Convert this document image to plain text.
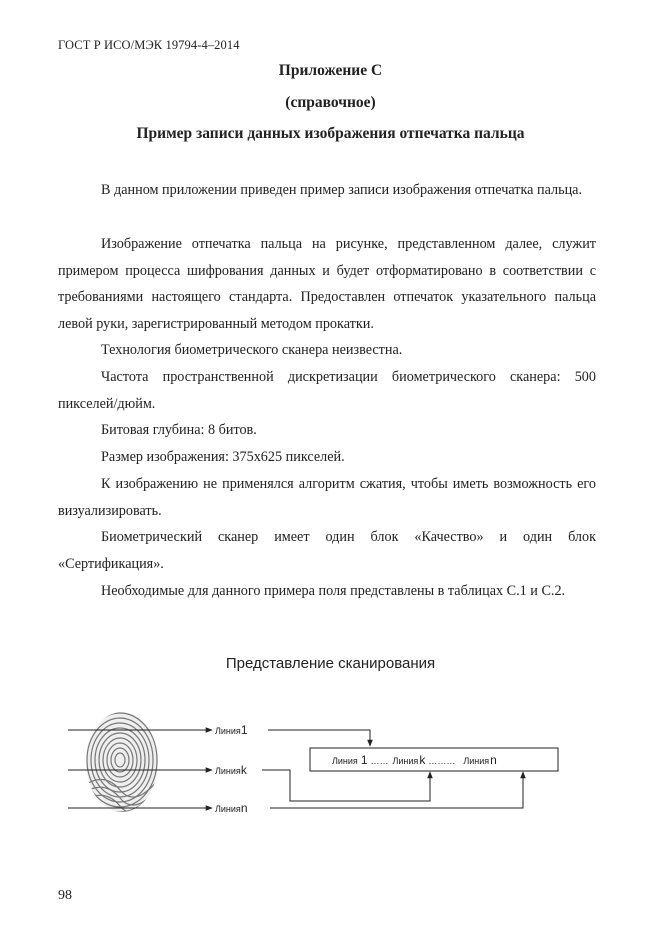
ГОСТ Р ИСО/МЭК 19794-4–2014
Приложение С
(справочное)
Пример записи данных изображения отпечатка пальца

В данном приложении приведен пример записи изображения отпечатка пальца.

Изображение отпечатка пальца на рисунке, представленном далее, служит примером процесса шифрования данных и будет отформатировано в соответствии с требованиями настоящего стандарта. Предоставлен отпечаток указательного пальца левой руки, зарегистрированный методом прокатки.

Технология биометрического сканера неизвестна.

Частота пространственной дискретизации биометрического сканера: 500 пикселей/дюйм.

Битовая глубина: 8 битов.

Размер изображения: 375x625 пикселей.

К изображению не применялся алгоритм сжатия, чтобы иметь возможность его визуализировать.

Биометрический сканер имеет один блок «Качество» и один блок «Сертификация».

Необходимые для данного примера поля представлены в таблицах С.1 и С.2.

Представление сканирования
Линия1
Линияk
Линияn
Линия 1 …… Линияk ……… Линияn
98
